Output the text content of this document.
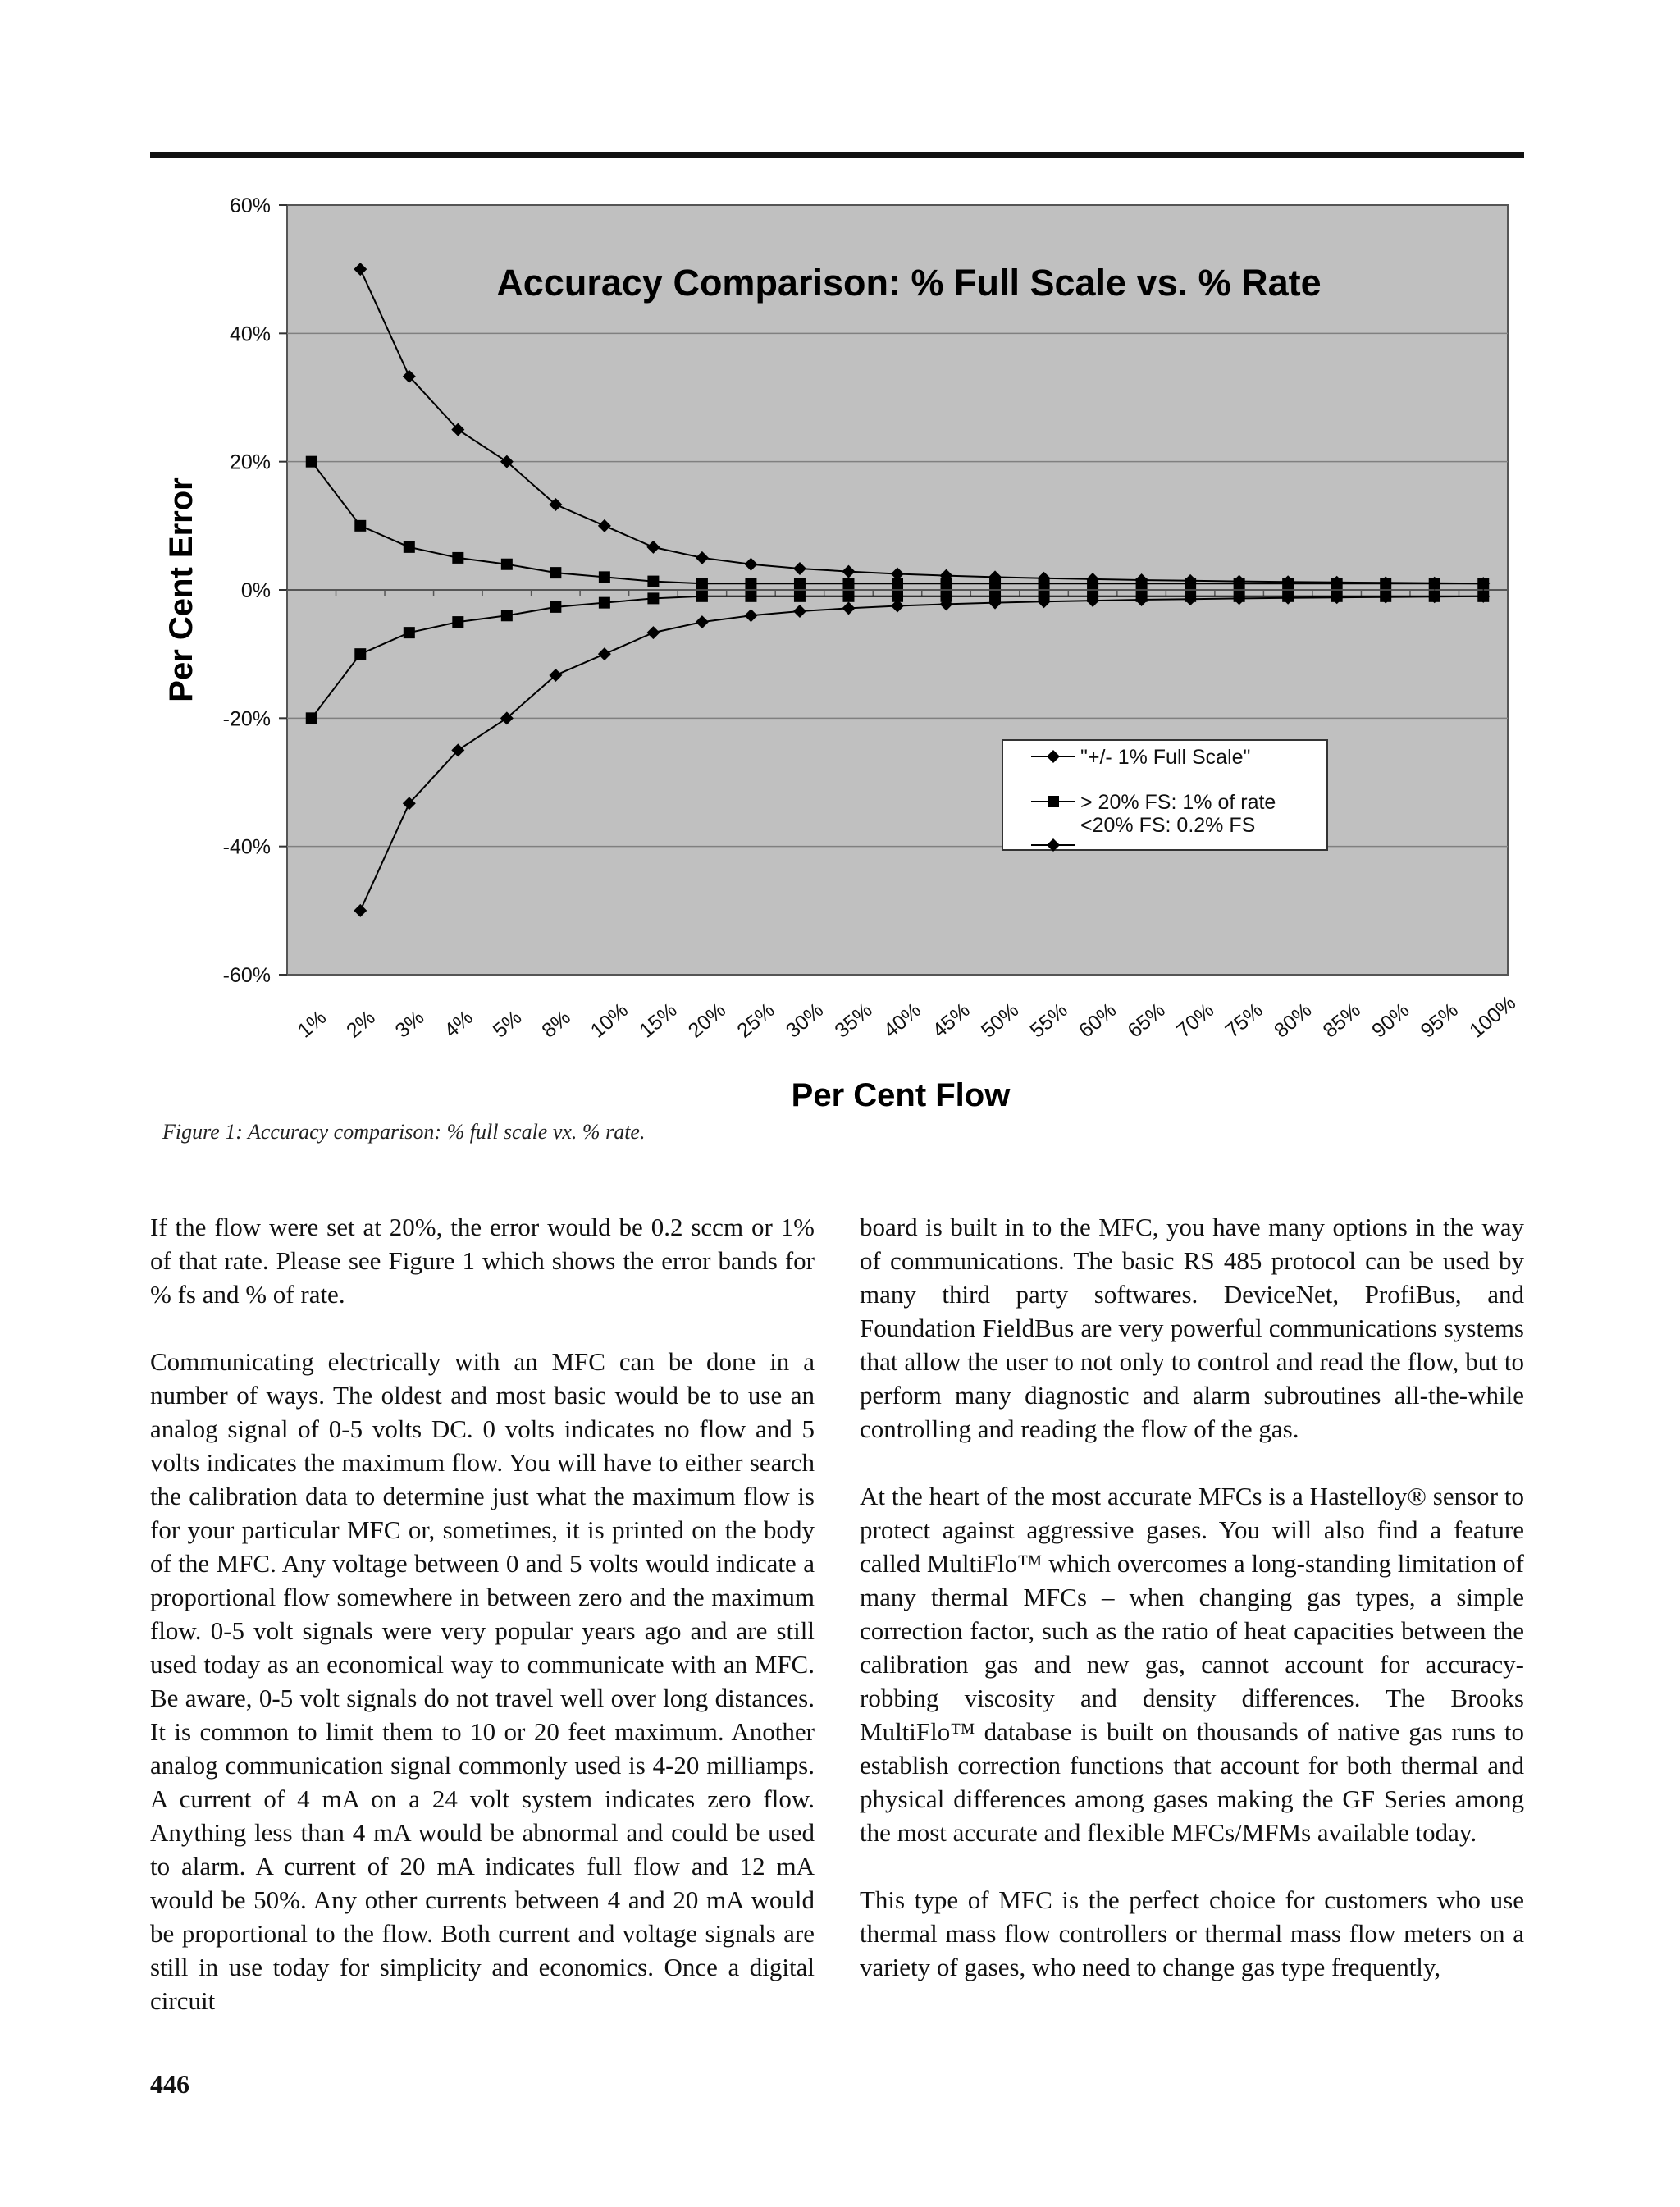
60%
40%
20%
0%
-20%
-40%
-60%
1% 2% 3% 4% 5% 8% 10% 15% 20% 25% 30% 35% 40% 45% 50% 55% 60% 65% 70% 75% 80% 85% 90% 95% 100%
Accuracy Comparison: % Full Scale vs. % Rate
Per Cent Flow
Per Cent Error
"+/- 1% Full Scale"
> 20% FS: 1% of rate
<20% FS: 0.2% FS
Figure 1: Accuracy comparison: % full scale vx. % rate.

If the flow were set at 20%, the error would be 0.2 sccm or 1% of that rate. Please see Figure 1 which shows the error bands for % fs and % of rate.

Communicating electrically with an MFC can be done in a number of ways. The oldest and most basic would be to use an analog signal of 0-5 volts DC. 0 volts indicates no flow and 5 volts indicates the maximum flow. You will have to either search the calibration data to determine just what the maximum flow is for your particular MFC or, sometimes, it is printed on the body of the MFC. Any voltage between 0 and 5 volts would indicate a proportional flow somewhere in between zero and the maximum flow. 0-5 volt signals were very popular years ago and are still used today as an economical way to communicate with an MFC. Be aware, 0-5 volt signals do not travel well over long distances. It is common to limit them to 10 or 20 feet maximum. Another analog communication signal commonly used is 4-20 milliamps. A current of 4 mA on a 24 volt system indicates zero flow. Anything less than 4 mA would be abnormal and could be used to alarm. A current of 20 mA indicates full flow and 12 mA would be 50%. Any other currents between 4 and 20 mA would be proportional to the flow. Both current and voltage signals are still in use today for simplicity and economics. Once a digital circuit

board is built in to the MFC, you have many options in the way of communications. The basic RS 485 protocol can be used by many third party softwares. DeviceNet, ProfiBus, and Foundation FieldBus are very powerful communications systems that allow the user to not only to control and read the flow, but to perform many diagnostic and alarm subroutines all-the-while controlling and reading the flow of the gas.

At the heart of the most accurate MFCs is a Hastelloy® sensor to protect against aggressive gases. You will also find a feature called MultiFlo™ which overcomes a long-standing limitation of many thermal MFCs – when changing gas types, a simple correction factor, such as the ratio of heat capacities between the calibration gas and new gas, cannot account for accuracy-robbing viscosity and density differences. The Brooks MultiFlo™ database is built on thousands of native gas runs to establish correction functions that account for both thermal and physical differences among gases making the GF Series among the most accurate and flexible MFCs/MFMs available today.

This type of MFC is the perfect choice for customers who use thermal mass flow controllers or thermal mass flow meters on a variety of gases, who need to change gas type frequently,

446
